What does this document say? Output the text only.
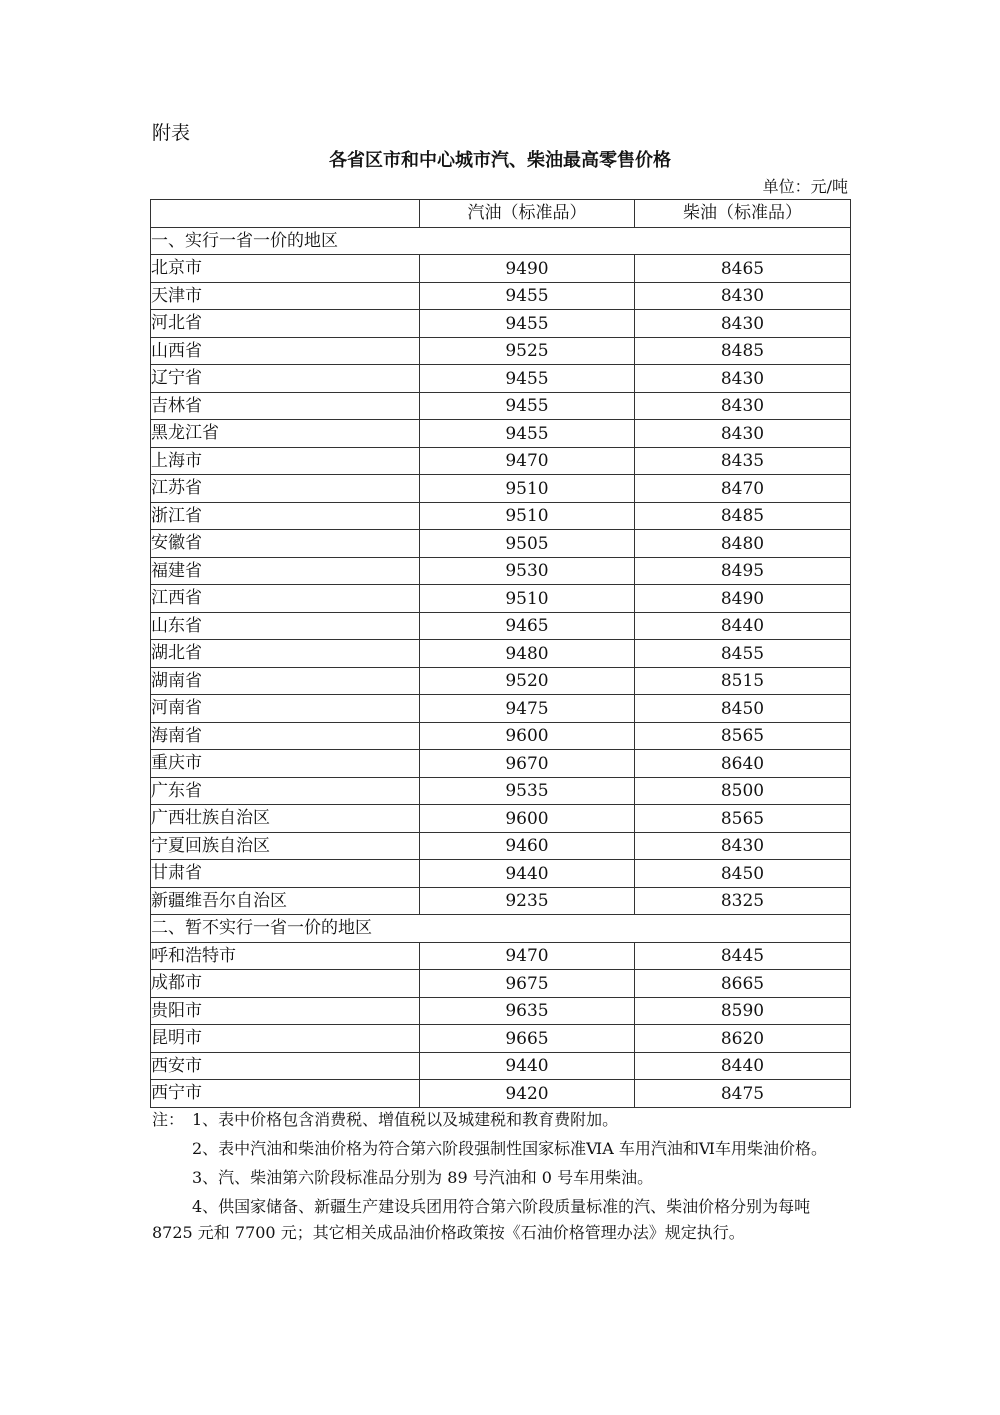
附表
各省区市和中心城市汽、柴油最高零售价格
单位：元/吨
	汽油（标准品）	柴油（标准品）
一、实行一省一价的地区		
北京市	9490	8465
天津市	9455	8430
河北省	9455	8430
山西省	9525	8485
辽宁省	9455	8430
吉林省	9455	8430
黑龙江省	9455	8430
上海市	9470	8435
江苏省	9510	8470
浙江省	9510	8485
安徽省	9505	8480
福建省	9530	8495
江西省	9510	8490
山东省	9465	8440
湖北省	9480	8455
湖南省	9520	8515
河南省	9475	8450
海南省	9600	8565
重庆市	9670	8640
广东省	9535	8500
广西壮族自治区	9600	8565
宁夏回族自治区	9460	8430
甘肃省	9440	8450
新疆维吾尔自治区	9235	8325
二、暂不实行一省一价的地区		
呼和浩特市	9470	8445
成都市	9675	8665
贵阳市	9635	8590
昆明市	9665	8620
西安市	9440	8440
西宁市	9420	8475

注： 1、表中价格包含消费税、增值税以及城建税和教育费附加。

2、表中汽油和柴油价格为符合第六阶段强制性国家标准ⅥA 车用汽油和Ⅵ车用柴油价格。

3、汽、柴油第六阶段标准品分别为 89 号汽油和 0 号车用柴油。

4、供国家储备、新疆生产建设兵团用符合第六阶段质量标准的汽、柴油价格分别为每吨 8725 元和 7700 元；其它相关成品油价格政策按《石油价格管理办法》规定执行。
